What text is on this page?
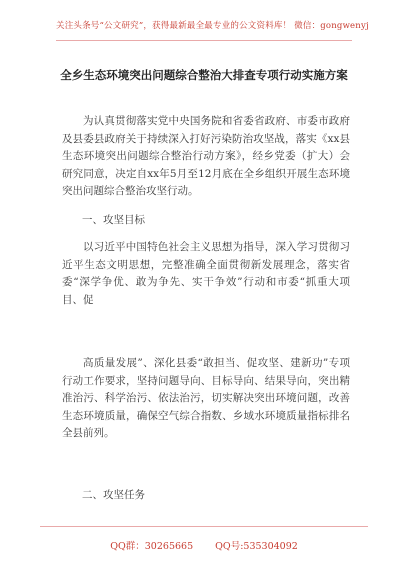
关注头条号“公文研究”，获得最新最全最专业的公文资料库！ 微信：gongwenyj
全乡生态环境突出问题综合整治大排查专项行动实施方案
为认真贯彻落实党中央国务院和省委省政府、市委市政府及县委县政府关于持续深入打好污染防治攻坚战，落实《xx县生态环境突出问题综合整治行动方案》，经乡党委（扩大）会研究同意，决定自xx年5月至12月底在全乡组织开展生态环境突出问题综合整治攻坚行动。
一、攻坚目标
以习近平中国特色社会主义思想为指导，深入学习贯彻习近平生态文明思想，完整准确全面贯彻新发展理念，落实省委“深学争优、敢为争先、实干争效”行动和市委“抓重大项目、促
高质量发展”、深化县委“敢担当、促攻坚、建新功”专项行动工作要求，坚持问题导向、目标导向、结果导向，突出精准治污、科学治污、依法治污，切实解决突出环境问题，改善生态环境质量，确保空气综合指数、乡域水环境质量指标排名全县前列。
二、攻坚任务
QQ群：30265665 QQ号:535304092
